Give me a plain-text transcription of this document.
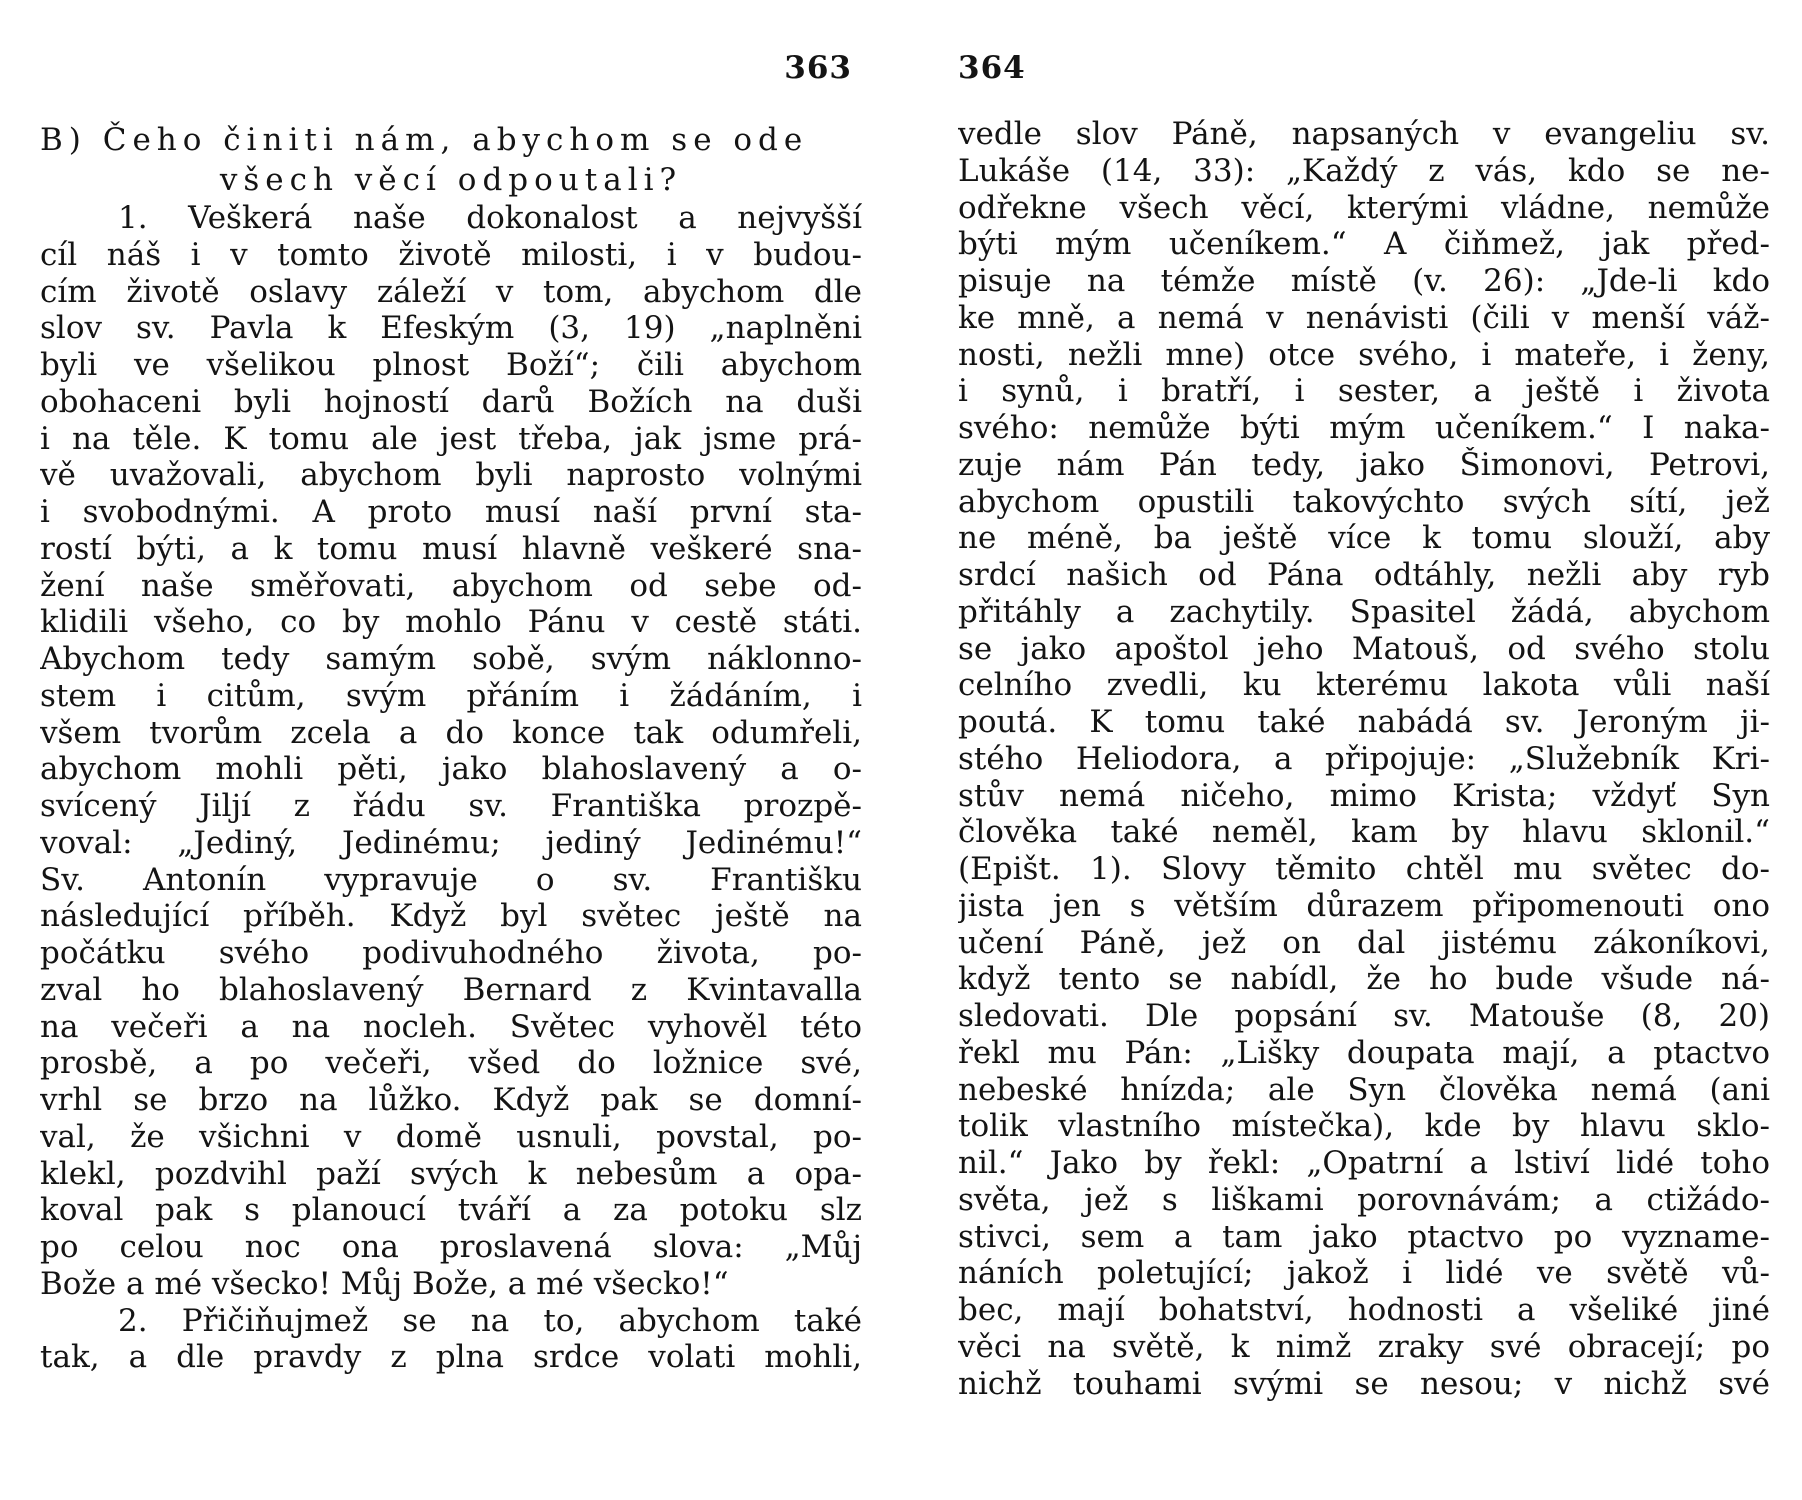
363

B) Čeho činiti nám, abychom se ode
všech věcí odpoutali?
1. Veškerá naše dokonalost a nejvyšší
cíl náš i v tomto životě milosti, i v budou-
cím životě oslavy záleží v tom, abychom dle
slov sv. Pavla k Efeským (3, 19) „naplněni
byli ve všelikou plnost Boží“; čili abychom
obohaceni byli hojností darů Božích na duši
i na těle. K tomu ale jest třeba, jak jsme prá-
vě uvažovali, abychom byli naprosto volnými
i svobodnými. A proto musí naší první sta-
rostí býti, a k tomu musí hlavně veškeré sna-
žení naše směřovati, abychom od sebe od-
klidili všeho, co by mohlo Pánu v cestě státi.
Abychom tedy samým sobě, svým náklonno-
stem i citům, svým přáním i žádáním, i
všem tvorům zcela a do konce tak odumřeli,
abychom mohli pěti, jako blahoslavený a o-
svícený Jiljí z řádu sv. Františka prozpě-
voval: „Jediný, Jedinému; jediný Jedinému!“
Sv. Antonín vypravuje o sv. Františku
následující příběh. Když byl světec ještě na
počátku svého podivuhodného života, po-
zval ho blahoslavený Bernard z Kvintavalla
na večeři a na nocleh. Světec vyhověl této
prosbě, a po večeři, všed do ložnice své,
vrhl se brzo na lůžko. Když pak se domní-
val, že všichni v domě usnuli, povstal, po-
klekl, pozdvihl paží svých k nebesům a opa-
koval pak s planoucí tváří a za potoku slz
po celou noc ona proslavená slova: „Můj
Bože a mé všecko! Můj Bože, a mé všecko!“
2. Přičiňujmež se na to, abychom také
tak, a dle pravdy z plna srdce volati mohli,

364

vedle slov Páně, napsaných v evangeliu sv.
Lukáše (14, 33): „Každý z vás, kdo se ne-
odřekne všech věcí, kterými vládne, nemůže
býti mým učeníkem.“ A čiňmež, jak před-
pisuje na témže místě (v. 26): „Jde-li kdo
ke mně, a nemá v nenávisti (čili v menší váž-
nosti, nežli mne) otce svého, i mateře, i ženy,
i synů, i bratří, i sester, a ještě i života
svého: nemůže býti mým učeníkem.“ I naka-
zuje nám Pán tedy, jako Šimonovi, Petrovi,
abychom opustili takovýchto svých sítí, jež
ne méně, ba ještě více k tomu slouží, aby
srdcí našich od Pána odtáhly, nežli aby ryb
přitáhly a zachytily. Spasitel žádá, abychom
se jako apoštol jeho Matouš, od svého stolu
celního zvedli, ku kterému lakota vůli naší
poutá. K tomu také nabádá sv. Jeroným ji-
stého Heliodora, a připojuje: „Služebník Kri-
stův nemá ničeho, mimo Krista; vždyť Syn
člověka také neměl, kam by hlavu sklonil.“
(Epišt. 1). Slovy těmito chtěl mu světec do-
jista jen s větším důrazem připomenouti ono
učení Páně, jež on dal jistému zákoníkovi,
když tento se nabídl, že ho bude všude ná-
sledovati. Dle popsání sv. Matouše (8, 20)
řekl mu Pán: „Lišky doupata mají, a ptactvo
nebeské hnízda; ale Syn člověka nemá (ani
tolik vlastního místečka), kde by hlavu sklo-
nil.“ Jako by řekl: „Opatrní a lstiví lidé toho
světa, jež s liškami porovnávám; a ctižádo-
stivci, sem a tam jako ptactvo po vyzname-
náních poletující; jakož i lidé ve světě vů-
bec, mají bohatství, hodnosti a všeliké jiné
věci na světě, k nimž zraky své obracejí; po
nichž touhami svými se nesou; v nichž své
